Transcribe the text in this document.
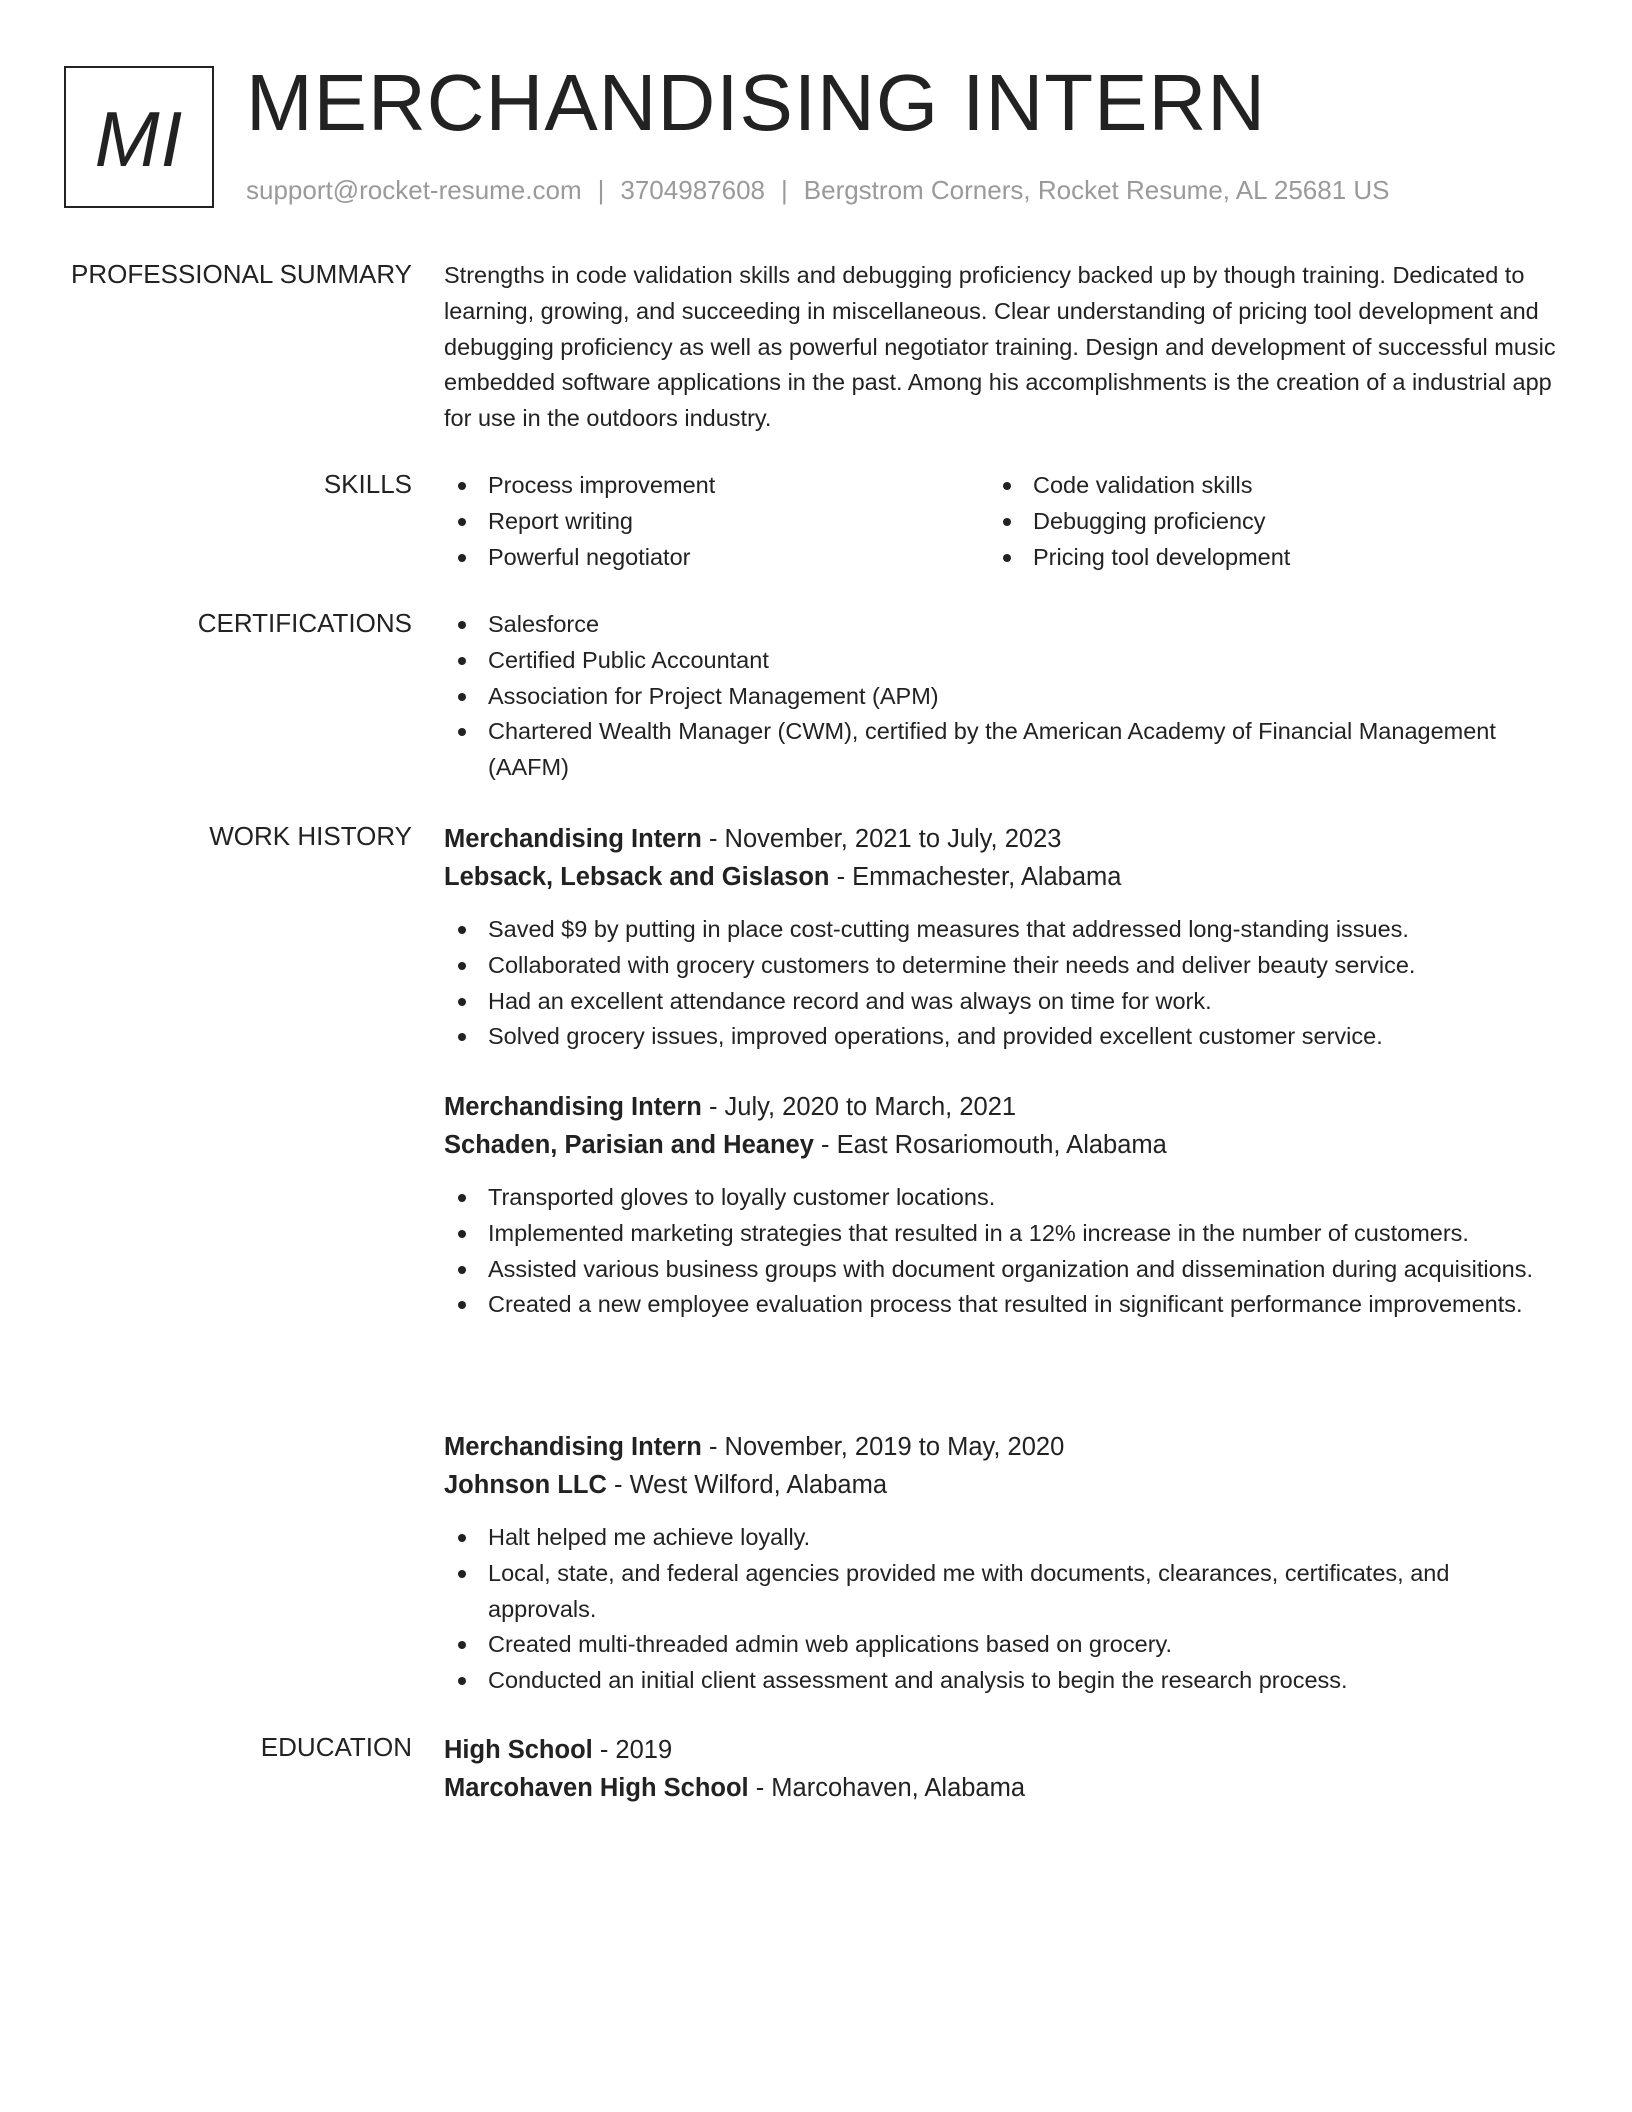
MI MERCHANDISING INTERN
support@rocket-resume.com | 3704987608 | Bergstrom Corners, Rocket Resume, AL 25681 US
PROFESSIONAL SUMMARY Strengths in code validation skills and debugging proficiency backed up by though training. Dedicated to learning, growing, and succeeding in miscellaneous. Clear understanding of pricing tool development and debugging proficiency as well as powerful negotiator training. Design and development of successful music embedded software applications in the past. Among his accomplishments is the creation of a industrial app for use in the outdoors industry.
SKILLS	Process improvement	Code validation skills
Report writing	Debugging proficiency
Powerful negotiator	Pricing tool development
CERTIFICATIONS	Salesforce
Certified Public Accountant
Association for Project Management (APM)
Chartered Wealth Manager (CWM), certified by the American Academy of Financial Management (AAFM)
WORK HISTORY Merchandising Intern - November, 2021 to July, 2023
Lebsack, Lebsack and Gislason - Emmachester, Alabama
Saved $9 by putting in place cost-cutting measures that addressed long-standing issues.
Collaborated with grocery customers to determine their needs and deliver beauty service.
Had an excellent attendance record and was always on time for work.
Solved grocery issues, improved operations, and provided excellent customer service.
Merchandising Intern - July, 2020 to March, 2021
Schaden, Parisian and Heaney - East Rosariomouth, Alabama
Transported gloves to loyally customer locations.
Implemented marketing strategies that resulted in a 12% increase in the number of customers.
Assisted various business groups with document organization and dissemination during acquisitions.
Created a new employee evaluation process that resulted in significant performance improvements.
Merchandising Intern - November, 2019 to May, 2020
Johnson LLC - West Wilford, Alabama
Halt helped me achieve loyally.
Local, state, and federal agencies provided me with documents, clearances, certificates, and approvals.
Created multi-threaded admin web applications based on grocery.
Conducted an initial client assessment and analysis to begin the research process.
EDUCATION High School - 2019
Marcohaven High School - Marcohaven, Alabama
